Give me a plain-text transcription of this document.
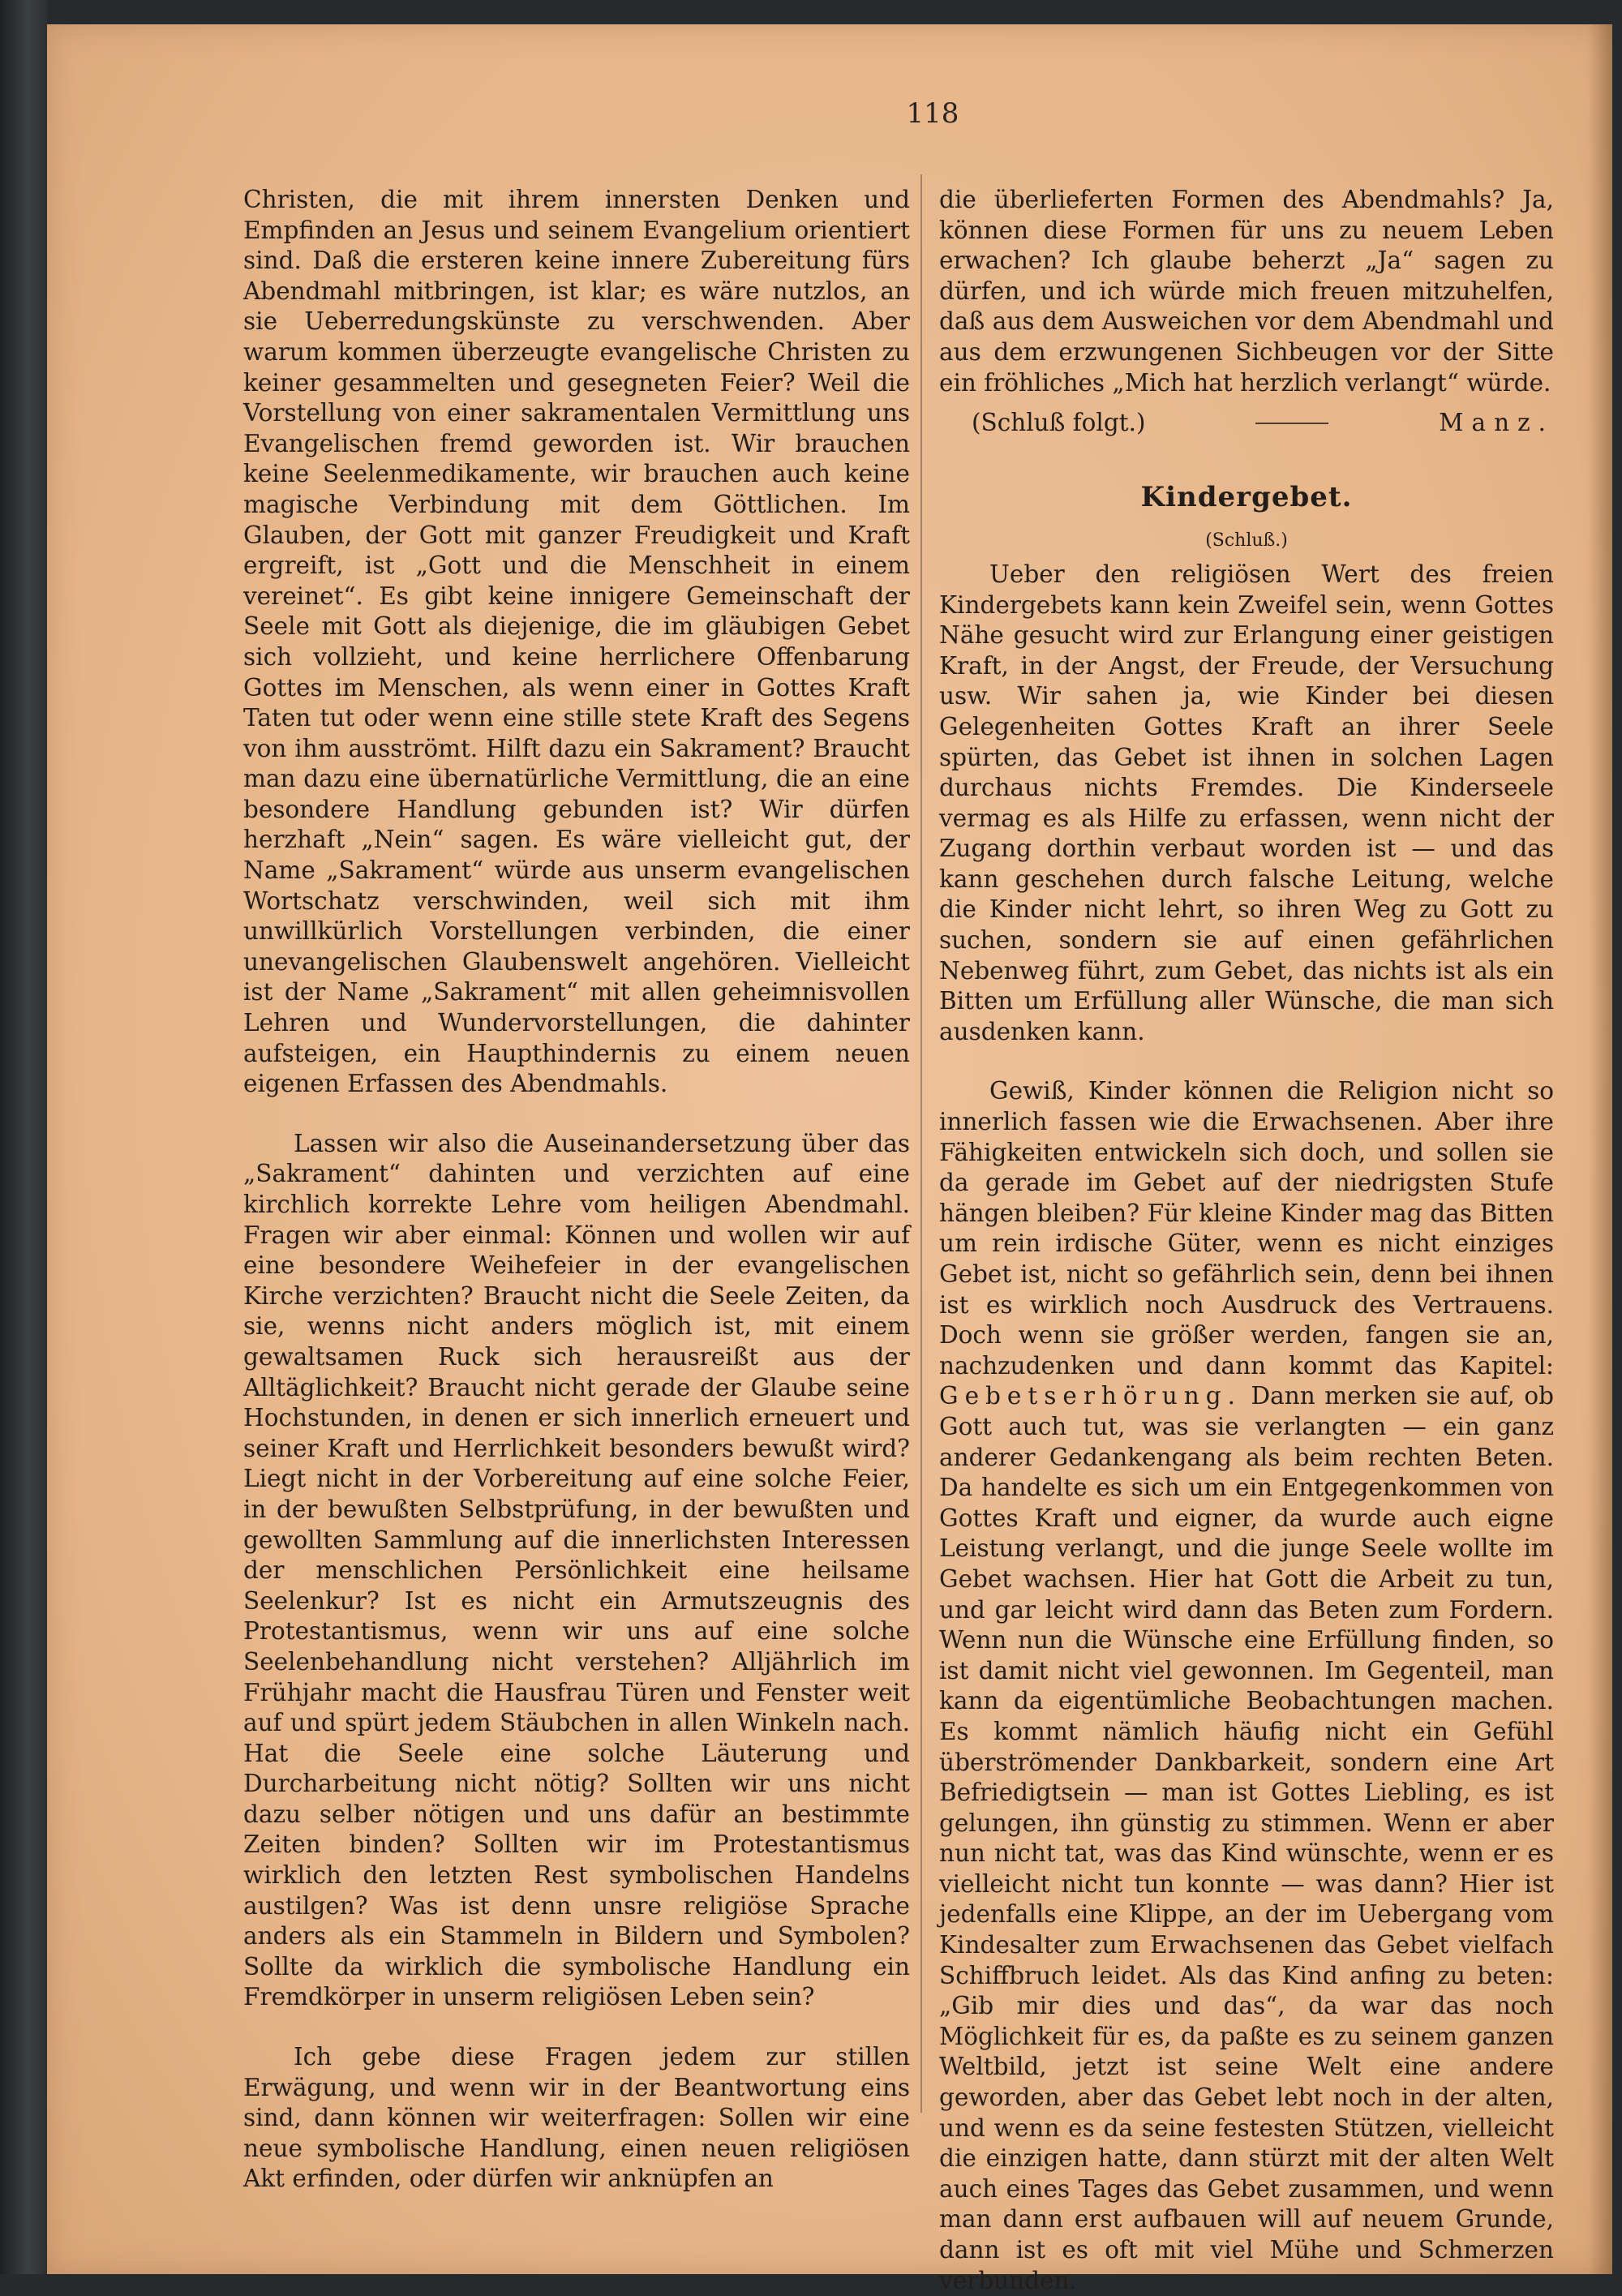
118

Christen, die mit ihrem innersten Denken und Empfinden an Jesus und seinem Evangelium orientiert sind. Daß die ersteren keine innere Zubereitung fürs Abendmahl mitbringen, ist klar; es wäre nutzlos, an sie Ueberredungskünste zu verschwenden. Aber warum kommen überzeugte evangelische Christen zu keiner gesammelten und gesegneten Feier? Weil die Vorstellung von einer sakramentalen Vermittlung uns Evangelischen fremd geworden ist. Wir brauchen keine Seelenmedikamente, wir brauchen auch keine magische Verbindung mit dem Göttlichen. Im Glauben, der Gott mit ganzer Freudigkeit und Kraft ergreift, ist „Gott und die Menschheit in einem vereinet“. Es gibt keine innigere Gemeinschaft der Seele mit Gott als diejenige, die im gläubigen Gebet sich vollzieht, und keine herrlichere Offenbarung Gottes im Menschen, als wenn einer in Gottes Kraft Taten tut oder wenn eine stille stete Kraft des Segens von ihm ausströmt. Hilft dazu ein Sakrament? Braucht man dazu eine übernatürliche Vermittlung, die an eine besondere Handlung gebunden ist? Wir dürfen herzhaft „Nein“ sagen. Es wäre vielleicht gut, der Name „Sakrament“ würde aus unserm evangelischen Wortschatz verschwinden, weil sich mit ihm unwillkürlich Vorstellungen verbinden, die einer unevangelischen Glaubenswelt angehören. Vielleicht ist der Name „Sakrament“ mit allen geheimnisvollen Lehren und Wundervorstellungen, die dahinter aufsteigen, ein Haupthindernis zu einem neuen eigenen Erfassen des Abendmahls.

Lassen wir also die Auseinandersetzung über das „Sakrament“ dahinten und verzichten auf eine kirchlich korrekte Lehre vom heiligen Abendmahl. Fragen wir aber einmal: Können und wollen wir auf eine besondere Weihefeier in der evangelischen Kirche verzichten? Braucht nicht die Seele Zeiten, da sie, wenns nicht anders möglich ist, mit einem gewaltsamen Ruck sich herausreißt aus der Alltäglichkeit? Braucht nicht gerade der Glaube seine Hochstunden, in denen er sich innerlich erneuert und seiner Kraft und Herrlichkeit besonders bewußt wird? Liegt nicht in der Vorbereitung auf eine solche Feier, in der bewußten Selbstprüfung, in der bewußten und gewollten Sammlung auf die innerlichsten Interessen der menschlichen Persönlichkeit eine heilsame Seelenkur? Ist es nicht ein Armutszeugnis des Protestantismus, wenn wir uns auf eine solche Seelenbehandlung nicht verstehen? Alljährlich im Frühjahr macht die Hausfrau Türen und Fenster weit auf und spürt jedem Stäubchen in allen Winkeln nach. Hat die Seele eine solche Läuterung und Durcharbeitung nicht nötig? Sollten wir uns nicht dazu selber nötigen und uns dafür an bestimmte Zeiten binden? Sollten wir im Protestantismus wirklich den letzten Rest symbolischen Handelns austilgen? Was ist denn unsre religiöse Sprache anders als ein Stammeln in Bildern und Symbolen? Sollte da wirklich die symbolische Handlung ein Fremdkörper in unserm religiösen Leben sein?

Ich gebe diese Fragen jedem zur stillen Erwägung, und wenn wir in der Beantwortung eins sind, dann können wir weiterfragen: Sollen wir eine neue symbolische Handlung, einen neuen religiösen Akt erfinden, oder dürfen wir anknüpfen an

die überlieferten Formen des Abendmahls? Ja, können diese Formen für uns zu neuem Leben erwachen? Ich glaube beherzt „Ja“ sagen zu dürfen, und ich würde mich freuen mitzuhelfen, daß aus dem Ausweichen vor dem Abendmahl und aus dem erzwungenen Sichbeugen vor der Sitte ein fröhliches „Mich hat herzlich verlangt“ würde.

(Schluß folgt.)	Manz.
Kindergebet.
(Schluß.)

Ueber den religiösen Wert des freien Kindergebets kann kein Zweifel sein, wenn Gottes Nähe gesucht wird zur Erlangung einer geistigen Kraft, in der Angst, der Freude, der Versuchung usw. Wir sahen ja, wie Kinder bei diesen Gelegenheiten Gottes Kraft an ihrer Seele spürten, das Gebet ist ihnen in solchen Lagen durchaus nichts Fremdes. Die Kinderseele vermag es als Hilfe zu erfassen, wenn nicht der Zugang dorthin verbaut worden ist — und das kann geschehen durch falsche Leitung, welche die Kinder nicht lehrt, so ihren Weg zu Gott zu suchen, sondern sie auf einen gefährlichen Nebenweg führt, zum Gebet, das nichts ist als ein Bitten um Erfüllung aller Wünsche, die man sich ausdenken kann.

Gewiß, Kinder können die Religion nicht so innerlich fassen wie die Erwachsenen. Aber ihre Fähigkeiten entwickeln sich doch, und sollen sie da gerade im Gebet auf der niedrigsten Stufe hängen bleiben? Für kleine Kinder mag das Bitten um rein irdische Güter, wenn es nicht einziges Gebet ist, nicht so gefährlich sein, denn bei ihnen ist es wirklich noch Ausdruck des Vertrauens. Doch wenn sie größer werden, fangen sie an, nachzudenken und dann kommt das Kapitel: Gebetserhörung. Dann merken sie auf, ob Gott auch tut, was sie verlangten — ein ganz anderer Gedankengang als beim rechten Beten. Da handelte es sich um ein Entgegenkommen von Gottes Kraft und eigner, da wurde auch eigne Leistung verlangt, und die junge Seele wollte im Gebet wachsen. Hier hat Gott die Arbeit zu tun, und gar leicht wird dann das Beten zum Fordern. Wenn nun die Wünsche eine Erfüllung finden, so ist damit nicht viel gewonnen. Im Gegenteil, man kann da eigentümliche Beobachtungen machen. Es kommt nämlich häufig nicht ein Gefühl überströmender Dankbarkeit, sondern eine Art Befriedigtsein — man ist Gottes Liebling, es ist gelungen, ihn günstig zu stimmen. Wenn er aber nun nicht tat, was das Kind wünschte, wenn er es vielleicht nicht tun konnte — was dann? Hier ist jedenfalls eine Klippe, an der im Uebergang vom Kindesalter zum Erwachsenen das Gebet vielfach Schiffbruch leidet. Als das Kind anfing zu beten: „Gib mir dies und das“, da war das noch Möglichkeit für es, da paßte es zu seinem ganzen Weltbild, jetzt ist seine Welt eine andere geworden, aber das Gebet lebt noch in der alten, und wenn es da seine festesten Stützen, vielleicht die einzigen hatte, dann stürzt mit der alten Welt auch eines Tages das Gebet zusammen, und wenn man dann erst aufbauen will auf neuem Grunde, dann ist es oft mit viel Mühe und Schmerzen verbunden.
